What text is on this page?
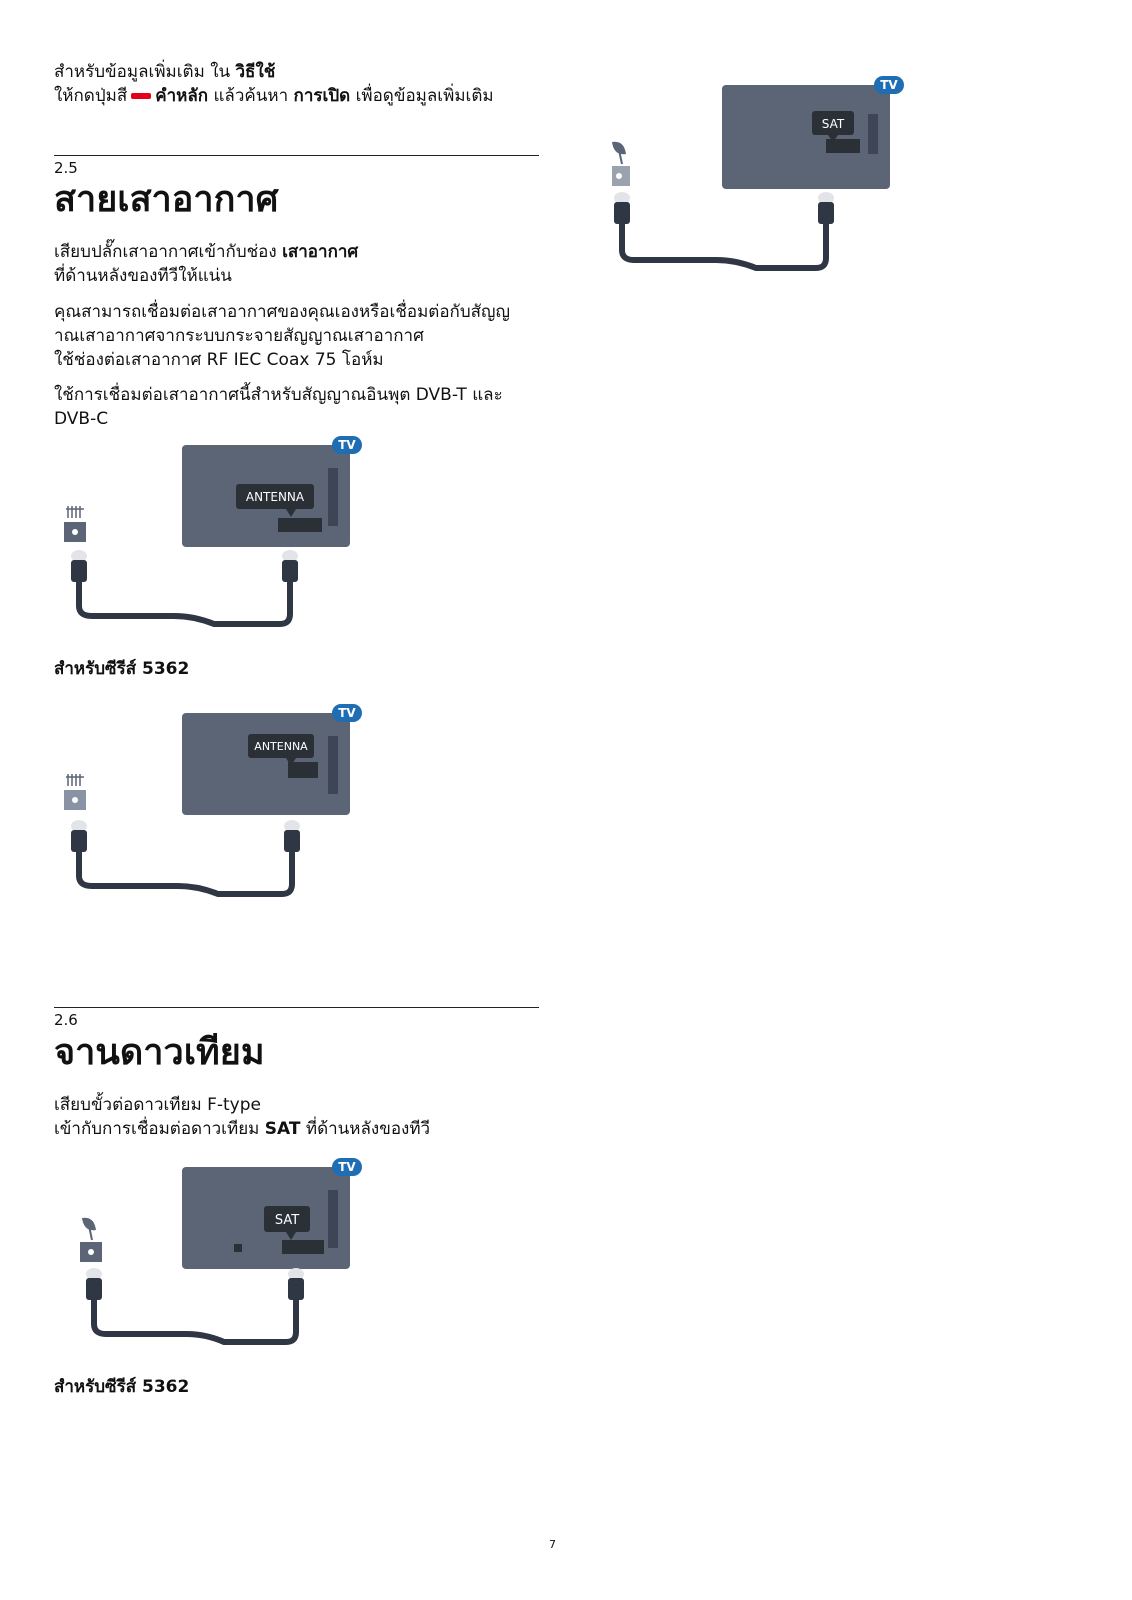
สำหรับข้อมูลเพิ่มเติม ใน วิธีใช้
ให้กดปุ่มสี คำหลัก แล้วค้นหา การเปิด เพื่อดูข้อมูลเพิ่มเติม
2.5
สายเสาอากาศ
เสียบปลั๊กเสาอากาศเข้ากับช่อง เสาอากาศ
ที่ด้านหลังของทีวีให้แน่น
คุณสามารถเชื่อมต่อเสาอากาศของคุณเองหรือเชื่อมต่อกับสัญญ
าณเสาอากาศจากระบบกระจายสัญญาณเสาอากาศ
ใช้ช่องต่อเสาอากาศ RF IEC Coax 75 โอห์ม
ใช้การเชื่อมต่อเสาอากาศนี้สำหรับสัญญาณอินพุต DVB-T และ
DVB-C
TV
ANTENNA
สำหรับซีรีส์ 5362
TV
ANTENNA
2.6
จานดาวเทียม
เสียบขั้วต่อดาวเทียม F-type
เข้ากับการเชื่อมต่อดาวเทียม SAT ที่ด้านหลังของทีวี
TV
SAT
สำหรับซีรีส์ 5362
TV
SAT
7
